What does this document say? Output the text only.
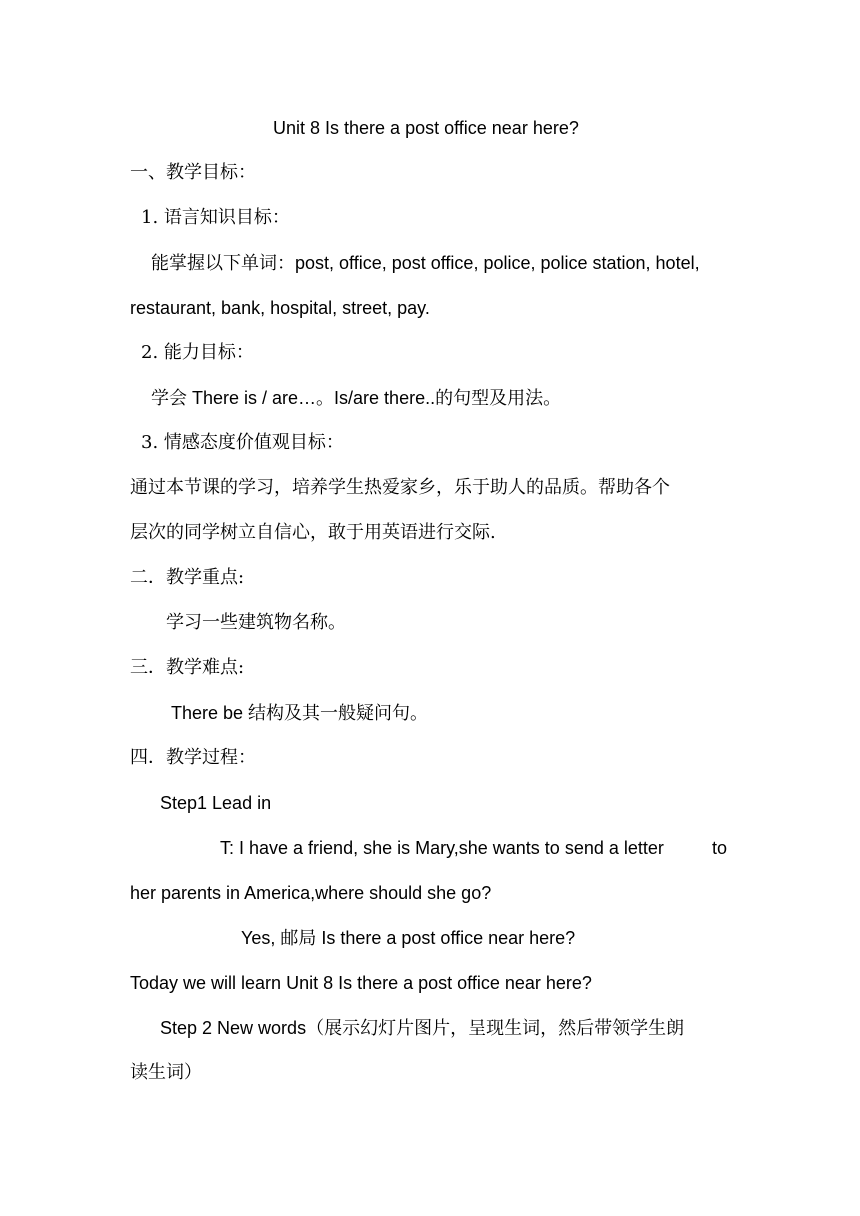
Unit 8 Is there a post office near here?
一、教学目标：
1. 语言知识目标：
能掌握以下单词：post, office, post office, police, police station, hotel,
restaurant, bank, hospital, street, pay.
2. 能力目标：
学会 There is / are…。Is/are there..的句型及用法。
3. 情感态度价值观目标：
通过本节课的学习，培养学生热爱家乡，乐于助人的品质。帮助各个
层次的同学树立自信心，敢于用英语进行交际.
二．教学重点:
学习一些建筑物名称。
三．教学难点:
There be 结构及其一般疑问句。
四．教学过程：
Step1 Lead in
T: I have a friend, she is Mary,she wants to send a letter	to
her parents in America,where should she go?
Yes, 邮局 Is there a post office near here?
Today we will learn Unit 8 Is there a post office near here?
Step 2 New words（展示幻灯片图片，呈现生词，然后带领学生朗
读生词）
